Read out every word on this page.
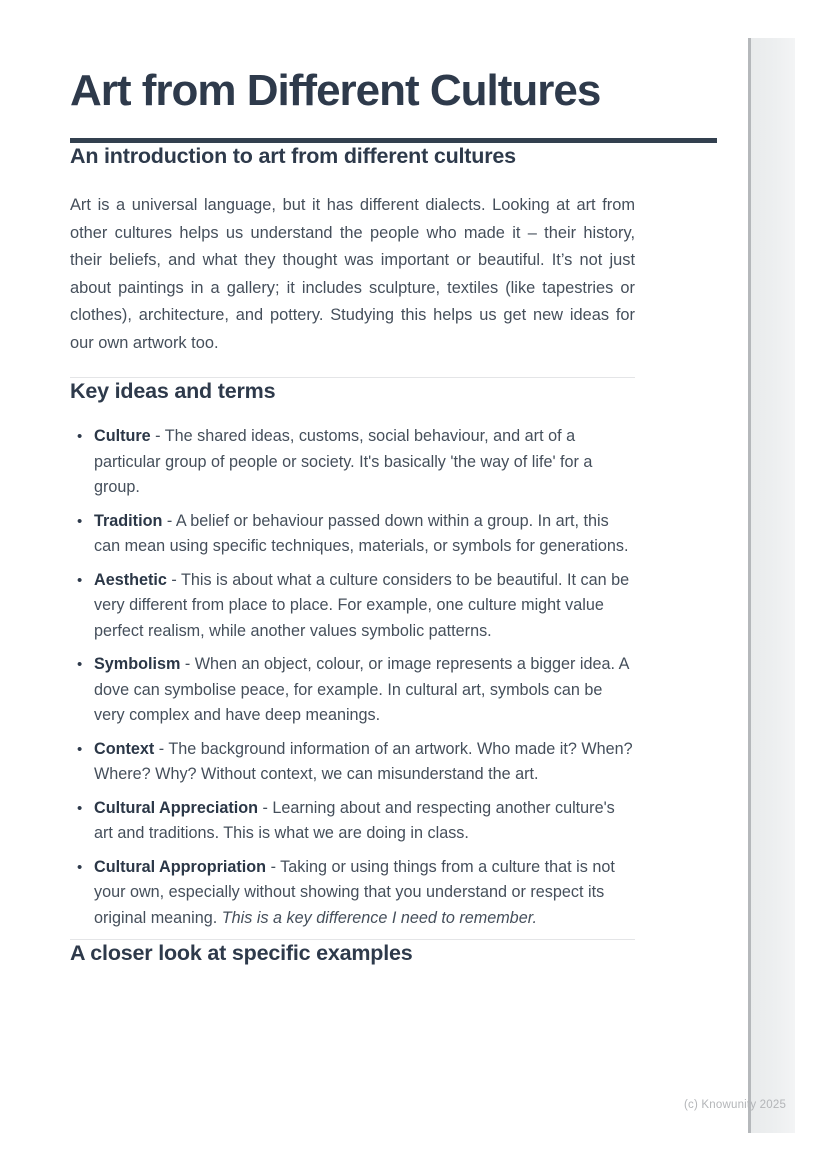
Art from Different Cultures
An introduction to art from different cultures

Art is a universal language, but it has different dialects. Looking at art from other cultures helps us understand the people who made it – their history, their beliefs, and what they thought was important or beautiful. It’s not just about paintings in a gallery; it includes sculpture, textiles (like tapestries or clothes), architecture, and pottery. Studying this helps us get new ideas for our own artwork too.

Key ideas and terms
• Culture - The shared ideas, customs, social behaviour, and art of a particular group of people or society. It's basically 'the way of life' for a group.
• Tradition - A belief or behaviour passed down within a group. In art, this can mean using specific techniques, materials, or symbols for generations.
• Aesthetic - This is about what a culture considers to be beautiful. It can be very different from place to place. For example, one culture might value perfect realism, while another values symbolic patterns.
• Symbolism - When an object, colour, or image represents a bigger idea. A dove can symbolise peace, for example. In cultural art, symbols can be very complex and have deep meanings.
• Context - The background information of an artwork. Who made it? When? Where? Why? Without context, we can misunderstand the art.
• Cultural Appreciation - Learning about and respecting another culture's art and traditions. This is what we are doing in class.
• Cultural Appropriation - Taking or using things from a culture that is not your own, especially without showing that you understand or respect its original meaning. This is a key difference I need to remember.
A closer look at specific examples
(c) Knowunity 2025
